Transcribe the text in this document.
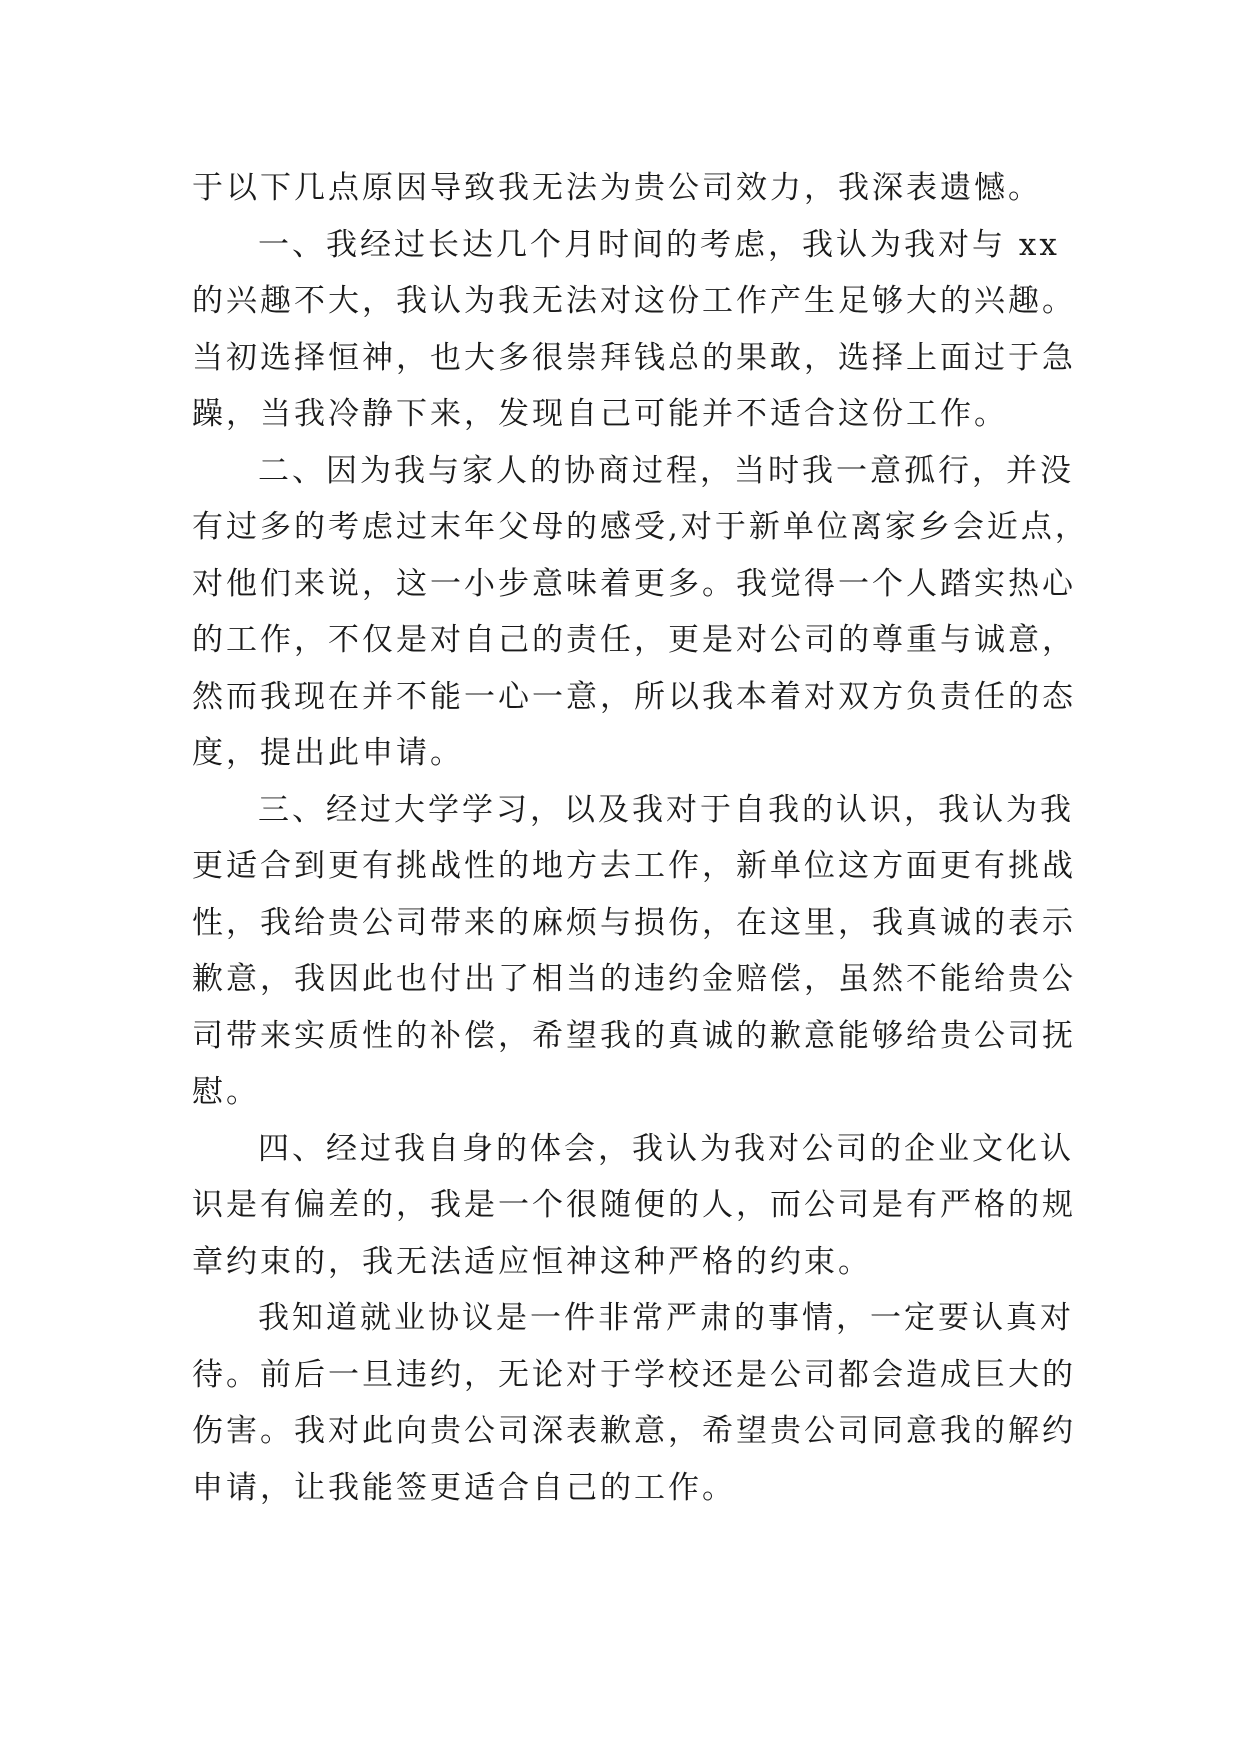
于以下几点原因导致我无法为贵公司效力，我深表遗憾。
一、我经过长达几个月时间的考虑，我认为我对与 xx
的兴趣不大，我认为我无法对这份工作产生足够大的兴趣。
当初选择恒神，也大多很崇拜钱总的果敢，选择上面过于急
躁，当我冷静下来，发现自己可能并不适合这份工作。
二、因为我与家人的协商过程，当时我一意孤行，并没
有过多的考虑过末年父母的感受,对于新单位离家乡会近点，
对他们来说，这一小步意味着更多。我觉得一个人踏实热心
的工作，不仅是对自己的责任，更是对公司的尊重与诚意，
然而我现在并不能一心一意，所以我本着对双方负责任的态
度，提出此申请。
三、经过大学学习，以及我对于自我的认识，我认为我
更适合到更有挑战性的地方去工作，新单位这方面更有挑战
性，我给贵公司带来的麻烦与损伤，在这里，我真诚的表示
歉意，我因此也付出了相当的违约金赔偿，虽然不能给贵公
司带来实质性的补偿，希望我的真诚的歉意能够给贵公司抚
慰。
四、经过我自身的体会，我认为我对公司的企业文化认
识是有偏差的，我是一个很随便的人，而公司是有严格的规
章约束的，我无法适应恒神这种严格的约束。
我知道就业协议是一件非常严肃的事情，一定要认真对
待。前后一旦违约，无论对于学校还是公司都会造成巨大的
伤害。我对此向贵公司深表歉意，希望贵公司同意我的解约
申请，让我能签更适合自己的工作。
